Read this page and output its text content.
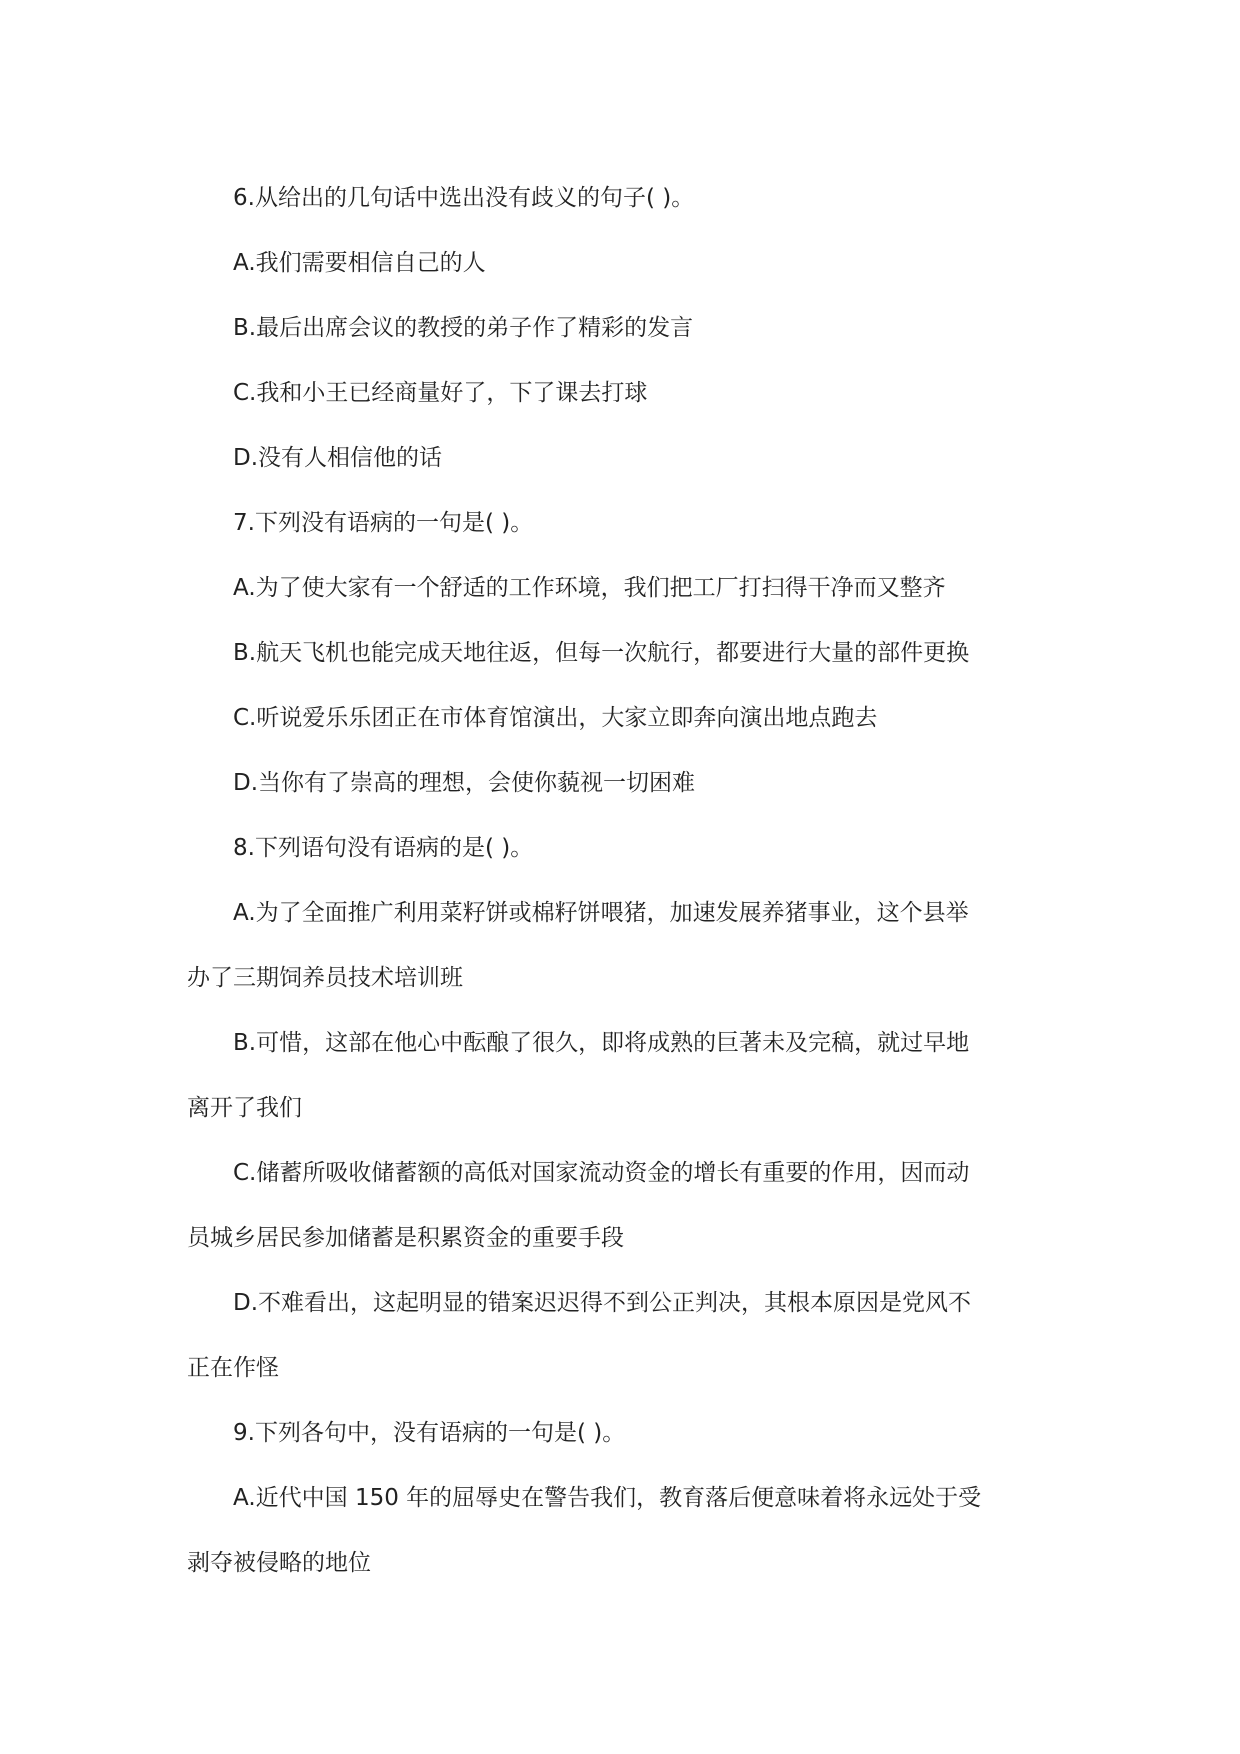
6.从给出的几句话中选出没有歧义的句子( )。
A.我们需要相信自己的人
B.最后出席会议的教授的弟子作了精彩的发言
C.我和小王已经商量好了，下了课去打球
D.没有人相信他的话
7.下列没有语病的一句是( )。
A.为了使大家有一个舒适的工作环境，我们把工厂打扫得干净而又整齐
B.航天飞机也能完成天地往返，但每一次航行，都要进行大量的部件更换
C.听说爱乐乐团正在市体育馆演出，大家立即奔向演出地点跑去
D.当你有了崇高的理想，会使你藐视一切困难
8.下列语句没有语病的是( )。
A.为了全面推广利用菜籽饼或棉籽饼喂猪，加速发展养猪事业，这个县举
办了三期饲养员技术培训班
B.可惜，这部在他心中酝酿了很久，即将成熟的巨著未及完稿，就过早地
离开了我们
C.储蓄所吸收储蓄额的高低对国家流动资金的增长有重要的作用，因而动
员城乡居民参加储蓄是积累资金的重要手段
D.不难看出，这起明显的错案迟迟得不到公正判决，其根本原因是党风不
正在作怪
9.下列各句中，没有语病的一句是( )。
A.近代中国 150 年的屈辱史在警告我们，教育落后便意味着将永远处于受
剥夺被侵略的地位
